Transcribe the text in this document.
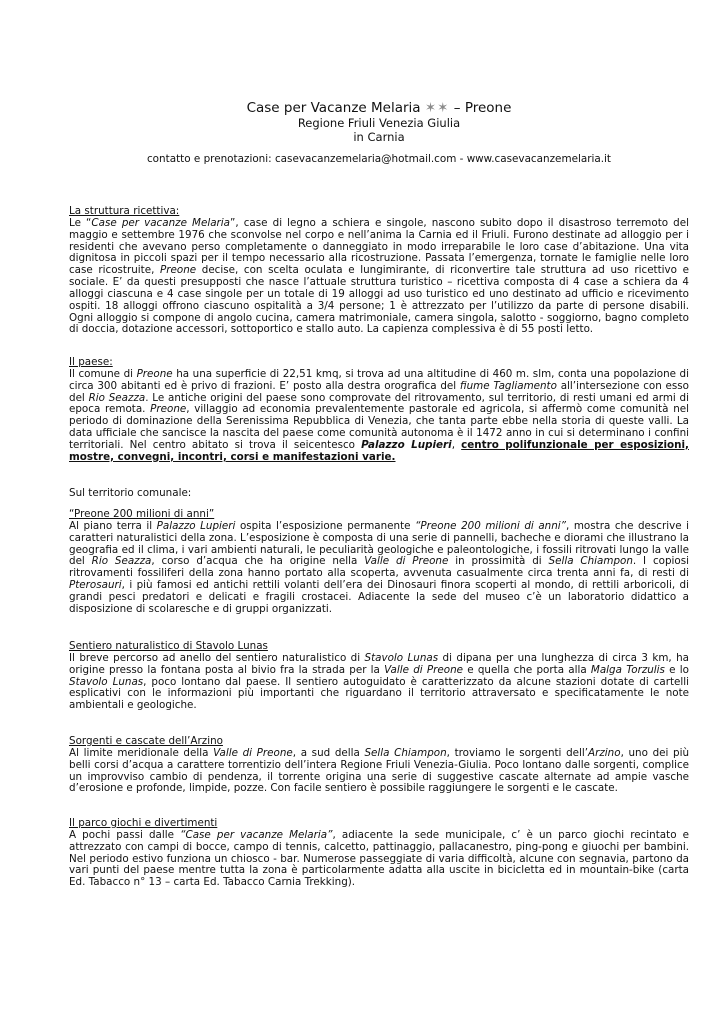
Case per Vacanze Melaria ✶✶ – Preone
Regione Friuli Venezia Giulia
in Carnia
contatto e prenotazioni: casevacanzemelaria@hotmail.com - www.casevacanzemelaria.it

La struttura ricettiva:

Le “Case per vacanze Melaria”, case di legno a schiera e singole, nascono subito dopo il disastroso terremoto del maggio e settembre 1976 che sconvolse nel corpo e nell’anima la Carnia ed il Friuli. Furono destinate ad alloggio per i residenti che avevano perso completamente o danneggiato in modo irreparabile le loro case d’abitazione. Una vita dignitosa in piccoli spazi per il tempo necessario alla ricostruzione. Passata l’emergenza, tornate le famiglie nelle loro case ricostruite, Preone decise, con scelta oculata e lungimirante, di riconvertire tale struttura ad uso ricettivo e sociale. E’ da questi presupposti che nasce l’attuale struttura turistico – ricettiva composta di 4 case a schiera da 4 alloggi ciascuna e 4 case singole per un totale di 19 alloggi ad uso turistico ed uno destinato ad ufficio e ricevimento ospiti. 18 alloggi offrono ciascuno ospitalità a 3/4 persone; 1 è attrezzato per l’utilizzo da parte di persone disabili. Ogni alloggio si compone di angolo cucina, camera matrimoniale, camera singola, salotto - soggiorno, bagno completo di doccia, dotazione accessori, sottoportico e stallo auto. La capienza complessiva è di 55 posti letto.

Il paese:

Il comune di Preone ha una superficie di 22,51 kmq, si trova ad una altitudine di 460 m. slm, conta una popolazione di circa 300 abitanti ed è privo di frazioni. E’ posto alla destra orografica del fiume Tagliamento all’intersezione con esso del Rio Seazza. Le antiche origini del paese sono comprovate del ritrovamento, sul territorio, di resti umani ed armi di epoca remota. Preone, villaggio ad economia prevalentemente pastorale ed agricola, si affermò come comunità nel periodo di dominazione della Serenissima Repubblica di Venezia, che tanta parte ebbe nella storia di queste valli. La data ufficiale che sancisce la nascita del paese come comunità autonoma è il 1472 anno in cui si determinano i confini territoriali. Nel centro abitato si trova il seicentesco Palazzo Lupieri, centro polifunzionale per esposizioni, mostre, convegni, incontri, corsi e manifestazioni varie.

Sul territorio comunale:

“Preone 200 milioni di anni”

Al piano terra il Palazzo Lupieri ospita l’esposizione permanente “Preone 200 milioni di anni”, mostra che descrive i caratteri naturalistici della zona. L’esposizione è composta di una serie di pannelli, bacheche e diorami che illustrano la geografia ed il clima, i vari ambienti naturali, le peculiarità geologiche e paleontologiche, i fossili ritrovati lungo la valle del Rio Seazza, corso d’acqua che ha origine nella Valle di Preone in prossimità di Sella Chiampon. I copiosi ritrovamenti fossiliferi della zona hanno portato alla scoperta, avvenuta casualmente circa trenta anni fa, di resti di Pterosauri, i più famosi ed antichi rettili volanti dell’era dei Dinosauri finora scoperti al mondo, di rettili arboricoli, di grandi pesci predatori e delicati e fragili crostacei. Adiacente la sede del museo c’è un laboratorio didattico a disposizione di scolaresche e di gruppi organizzati.

Sentiero naturalistico di Stavolo Lunas

Il breve percorso ad anello del sentiero naturalistico di Stavolo Lunas di dipana per una lunghezza di circa 3 km, ha origine presso la fontana posta al bivio fra la strada per la Valle di Preone e quella che porta alla Malga Torzulis e lo Stavolo Lunas, poco lontano dal paese. Il sentiero autoguidato è caratterizzato da alcune stazioni dotate di cartelli esplicativi con le informazioni più importanti che riguardano il territorio attraversato e specificatamente le note ambientali e geologiche.

Sorgenti e cascate dell’Arzino

Al limite meridionale della Valle di Preone, a sud della Sella Chiampon, troviamo le sorgenti dell’Arzino, uno dei più belli corsi d’acqua a carattere torrentizio dell’intera Regione Friuli Venezia-Giulia. Poco lontano dalle sorgenti, complice un improvviso cambio di pendenza, il torrente origina una serie di suggestive cascate alternate ad ampie vasche d’erosione e profonde, limpide, pozze. Con facile sentiero è possibile raggiungere le sorgenti e le cascate.

Il parco giochi e divertimenti

A pochi passi dalle “Case per vacanze Melaria”, adiacente la sede municipale, c’ è un parco giochi recintato e attrezzato con campi di bocce, campo di tennis, calcetto, pattinaggio, pallacanestro, ping-pong e giuochi per bambini. Nel periodo estivo funziona un chiosco - bar. Numerose passeggiate di varia difficoltà, alcune con segnavia, partono da vari punti del paese mentre tutta la zona è particolarmente adatta alla uscite in bicicletta ed in mountain-bike (carta Ed. Tabacco n° 13 – carta Ed. Tabacco Carnia Trekking).
